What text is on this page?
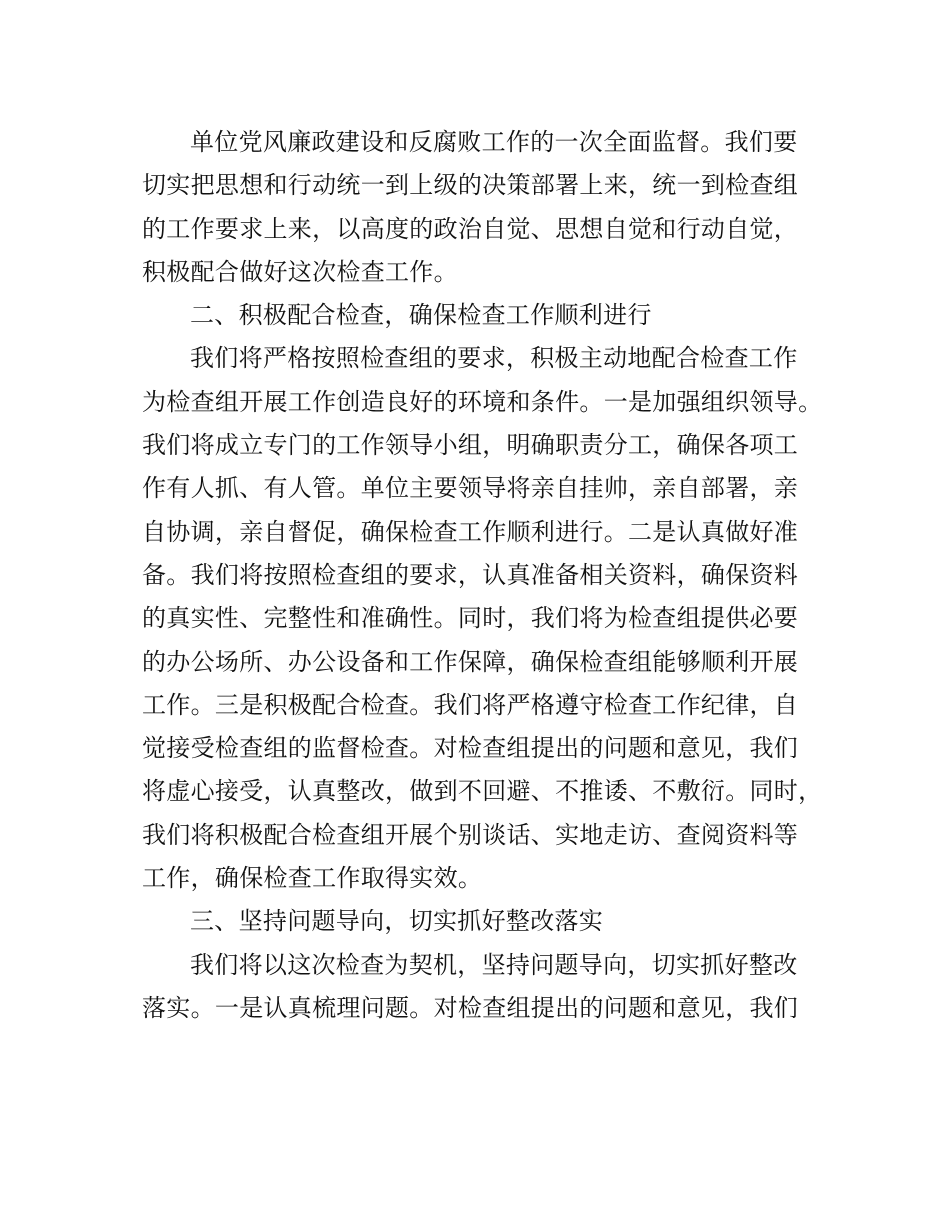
单位党风廉政建设和反腐败工作的一次全面监督。我们要
切实把思想和行动统一到上级的决策部署上来，统一到检查组
的工作要求上来，以高度的政治自觉、思想自觉和行动自觉，
积极配合做好这次检查工作。
二、积极配合检查，确保检查工作顺利进行
我们将严格按照检查组的要求，积极主动地配合检查工作
为检查组开展工作创造良好的环境和条件。一是加强组织领导。
我们将成立专门的工作领导小组，明确职责分工，确保各项工
作有人抓、有人管。单位主要领导将亲自挂帅，亲自部署，亲
自协调，亲自督促，确保检查工作顺利进行。二是认真做好准
备。我们将按照检查组的要求，认真准备相关资料，确保资料
的真实性、完整性和准确性。同时，我们将为检查组提供必要
的办公场所、办公设备和工作保障，确保检查组能够顺利开展
工作。三是积极配合检查。我们将严格遵守检查工作纪律，自
觉接受检查组的监督检查。对检查组提出的问题和意见，我们
将虚心接受，认真整改，做到不回避、不推诿、不敷衍。同时，
我们将积极配合检查组开展个别谈话、实地走访、查阅资料等
工作，确保检查工作取得实效。
三、坚持问题导向，切实抓好整改落实
我们将以这次检查为契机，坚持问题导向，切实抓好整改
落实。一是认真梳理问题。对检查组提出的问题和意见，我们
